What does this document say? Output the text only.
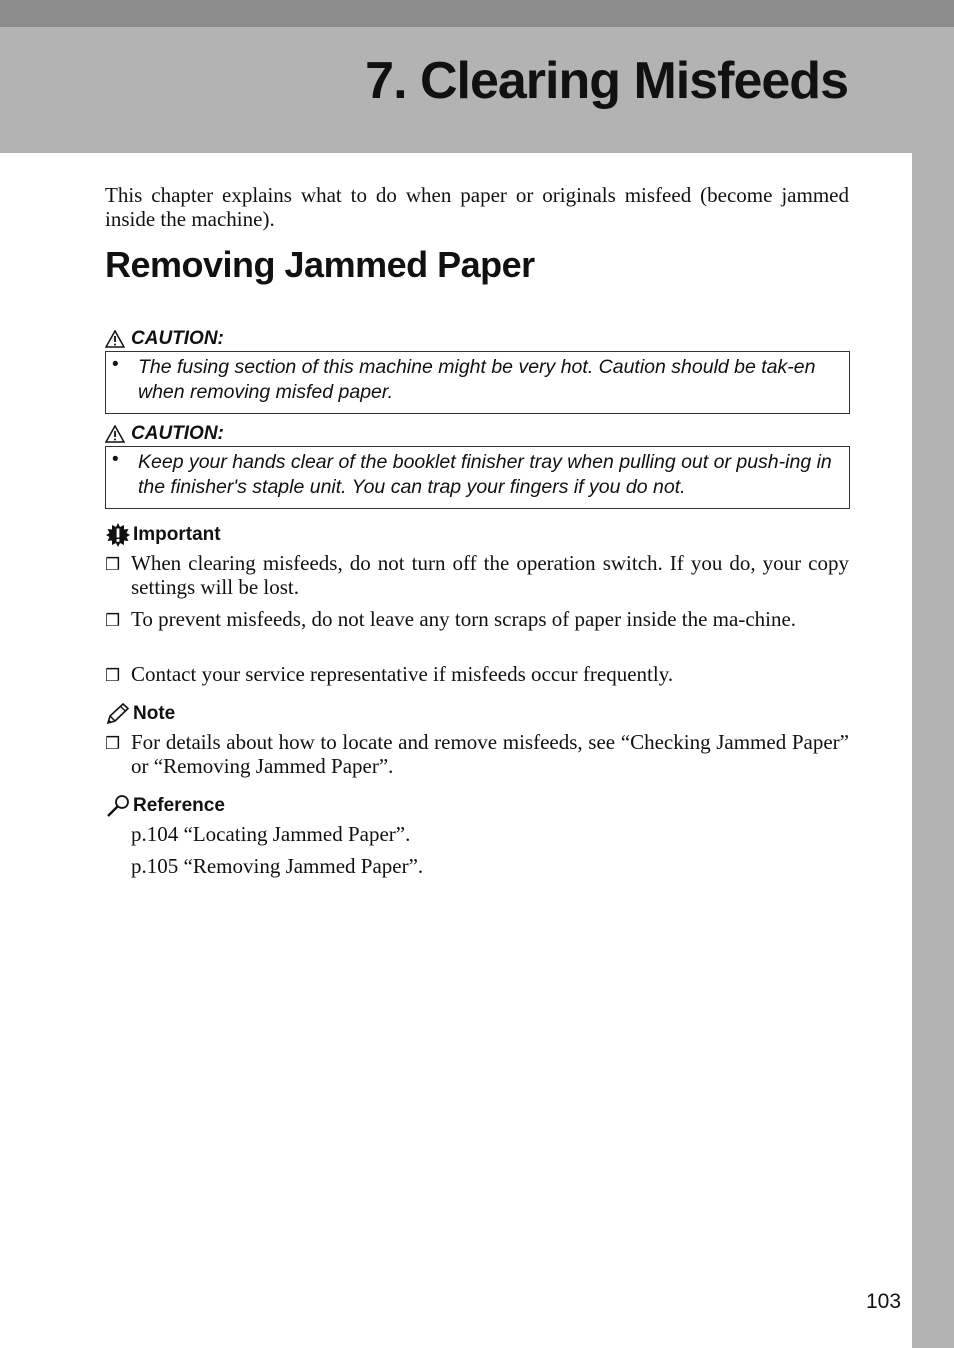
7. Clearing Misfeeds

This chapter explains what to do when paper or originals misfeed (become jammed inside the machine).

Removing Jammed Paper
CAUTION:
• The fusing section of this machine might be very hot. Caution should be tak-en when removing misfed paper.

CAUTION:
• Keep your hands clear of the booklet finisher tray when pulling out or push-ing in the finisher's staple unit. You can trap your fingers if you do not.

Important
❒ When clearing misfeeds, do not turn off the operation switch. If you do, your copy settings will be lost.

❒ To prevent misfeeds, do not leave any torn scraps of paper inside the ma-chine.

❒ Contact your service representative if misfeeds occur frequently.

Note
❒ For details about how to locate and remove misfeeds, see “Checking Jammed Paper” or “Removing Jammed Paper”.

Reference

p.104 “Locating Jammed Paper”.

p.105 “Removing Jammed Paper”.

103
